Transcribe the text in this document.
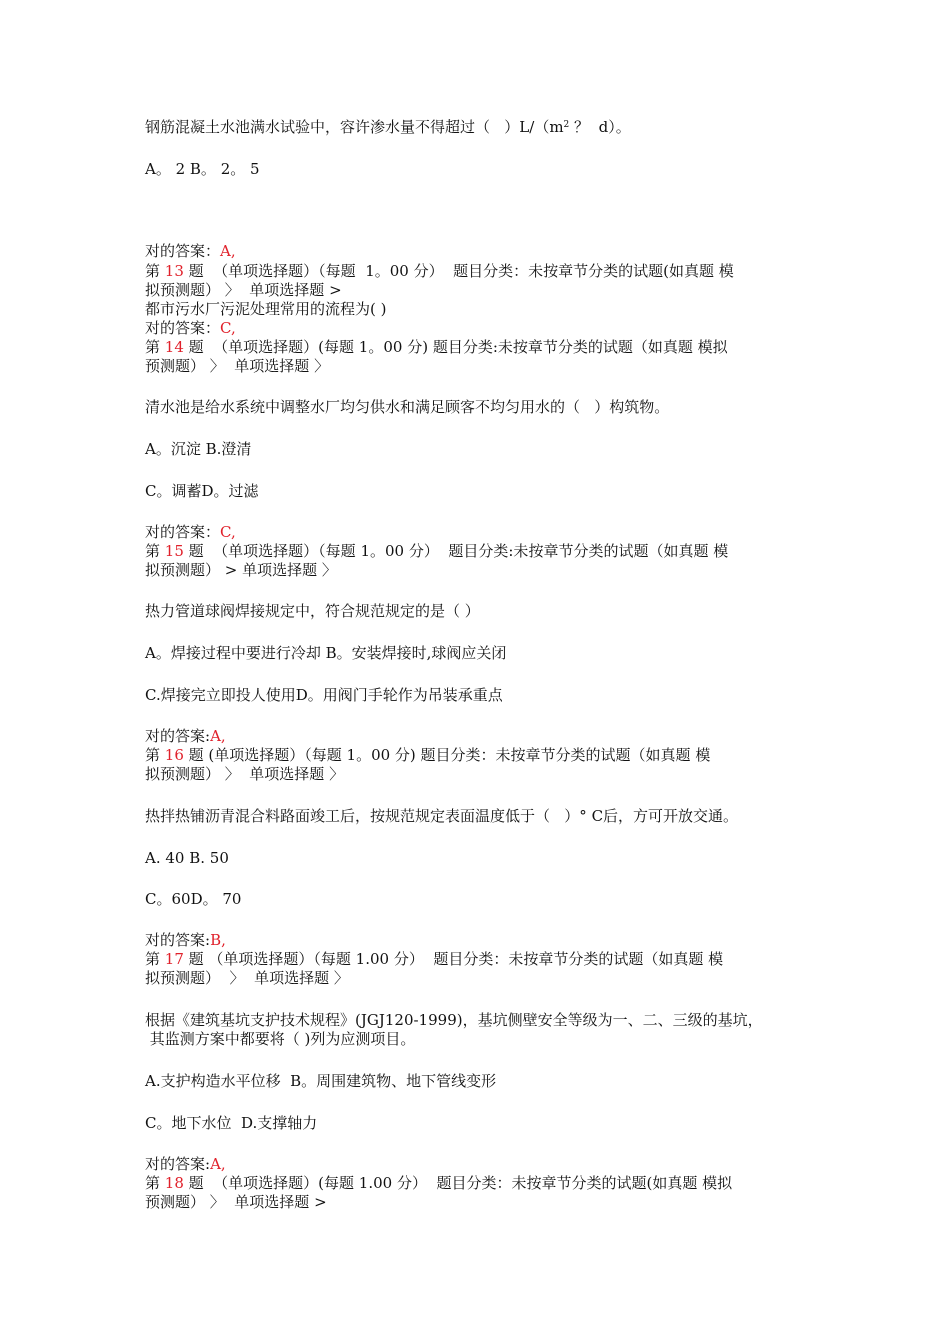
钢筋混凝土水池满水试验中，容许渗水量不得超过（   ）$L/(m^2$ ？  d）。
A。 2 B。 2。 5
对的答案：A,
第 13 题  （单项选择题）（每题  1。00 分）  题目分类：未按章节分类的试题(如真题 模
拟预测题） 〉  单项选择题 >
都市污水厂污泥处理常用的流程为( )
对的答案：C,
第 14 题  （单项选择题）(每题 1。00 分) 题目分类:未按章节分类的试题（如真题 模拟
预测题） 〉  单项选择题 〉
清水池是给水系统中调整水厂均匀供水和满足顾客不均匀用水的（   ）构筑物。
A。沉淀 B.澄清
C。调蓄D。过滤
对的答案：C,
第 15 题  （单项选择题）（每题 1。00 分）  题目分类:未按章节分类的试题（如真题 模
拟预测题） > 单项选择题 〉
热力管道球阀焊接规定中，符合规范规定的是（ ）
A。焊接过程中要进行冷却 B。安装焊接时,球阀应关闭
C.焊接完立即投人使用D。用阀门手轮作为吊装承重点
对的答案:A,
第 16 题 (单项选择题）（每题 1。00 分) 题目分类：未按章节分类的试题（如真题 模
拟预测题） 〉  单项选择题 〉
热拌热铺沥青混合料路面竣工后，按规范规定表面温度低于（   ）° C后，方可开放交通。
A. 40 B. 50
C。60D。 70
对的答案:B,
第 17 题 （单项选择题）（每题 1.00 分）  题目分类：未按章节分类的试题（如真题 模
拟预测题）  〉  单项选择题 〉
根据《建筑基坑支护技术规程》(JGJ120-1999)，基坑侧壁安全等级为一、二、三级的基坑，
其监测方案中都要将（ )列为应测项目。
A.支护构造水平位移  B。周围建筑物、地下管线变形
C。地下水位  D.支撑轴力
对的答案:A,
第 18 题  （单项选择题）(每题 1.00 分）  题目分类：未按章节分类的试题(如真题 模拟
预测题） 〉  单项选择题 >
